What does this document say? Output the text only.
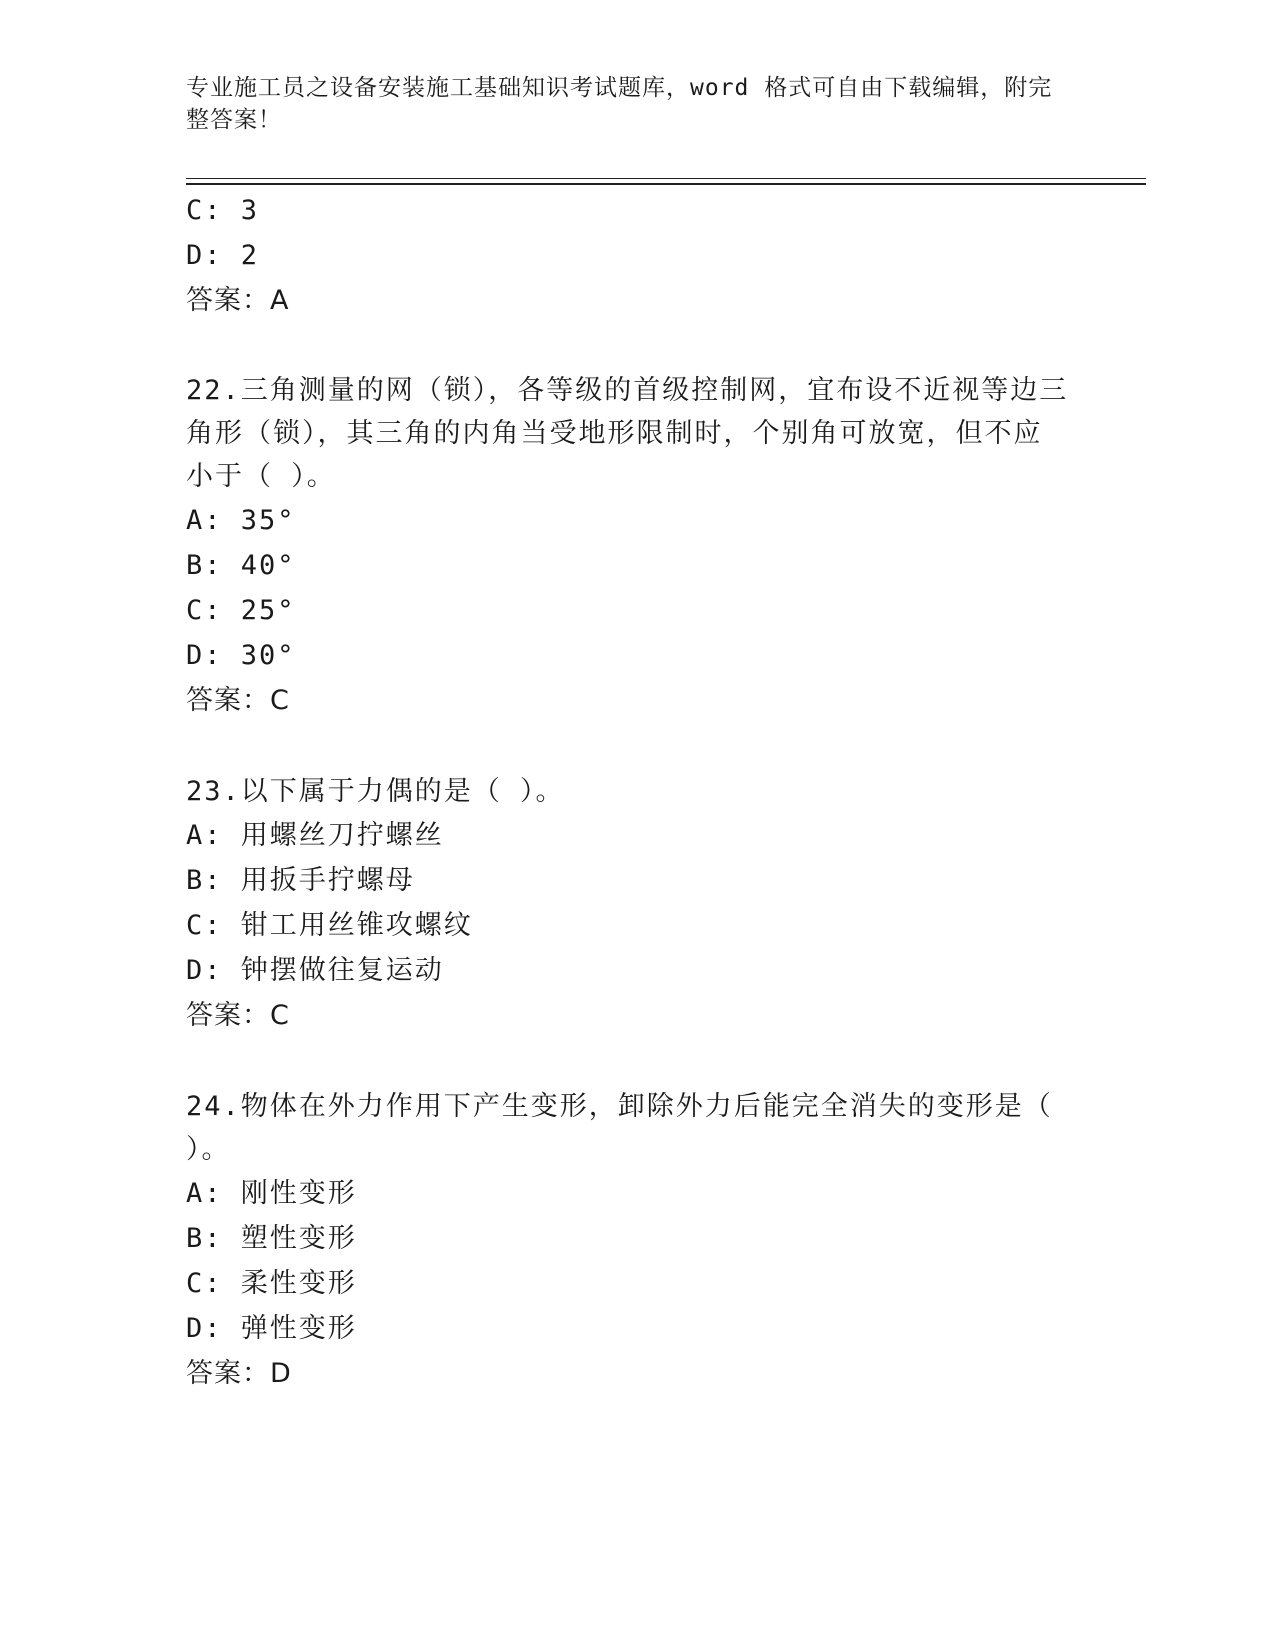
专业施工员之设备安装施工基础知识考试题库，word 格式可自由下载编辑，附完
整答案！
C: 3
D: 2
答案：A
22.三角测量的网（锁），各等级的首级控制网，宜布设不近视等边三
角形（锁），其三角的内角当受地形限制时，个别角可放宽，但不应
小于（ ）。
A: 35°
B: 40°
C: 25°
D: 30°
答案：C
23.以下属于力偶的是（ ）。
A: 用螺丝刀拧螺丝
B: 用扳手拧螺母
C: 钳工用丝锥攻螺纹
D: 钟摆做往复运动
答案：C
24.物体在外力作用下产生变形，卸除外力后能完全消失的变形是（
）。
A: 刚性变形
B: 塑性变形
C: 柔性变形
D: 弹性变形
答案：D
